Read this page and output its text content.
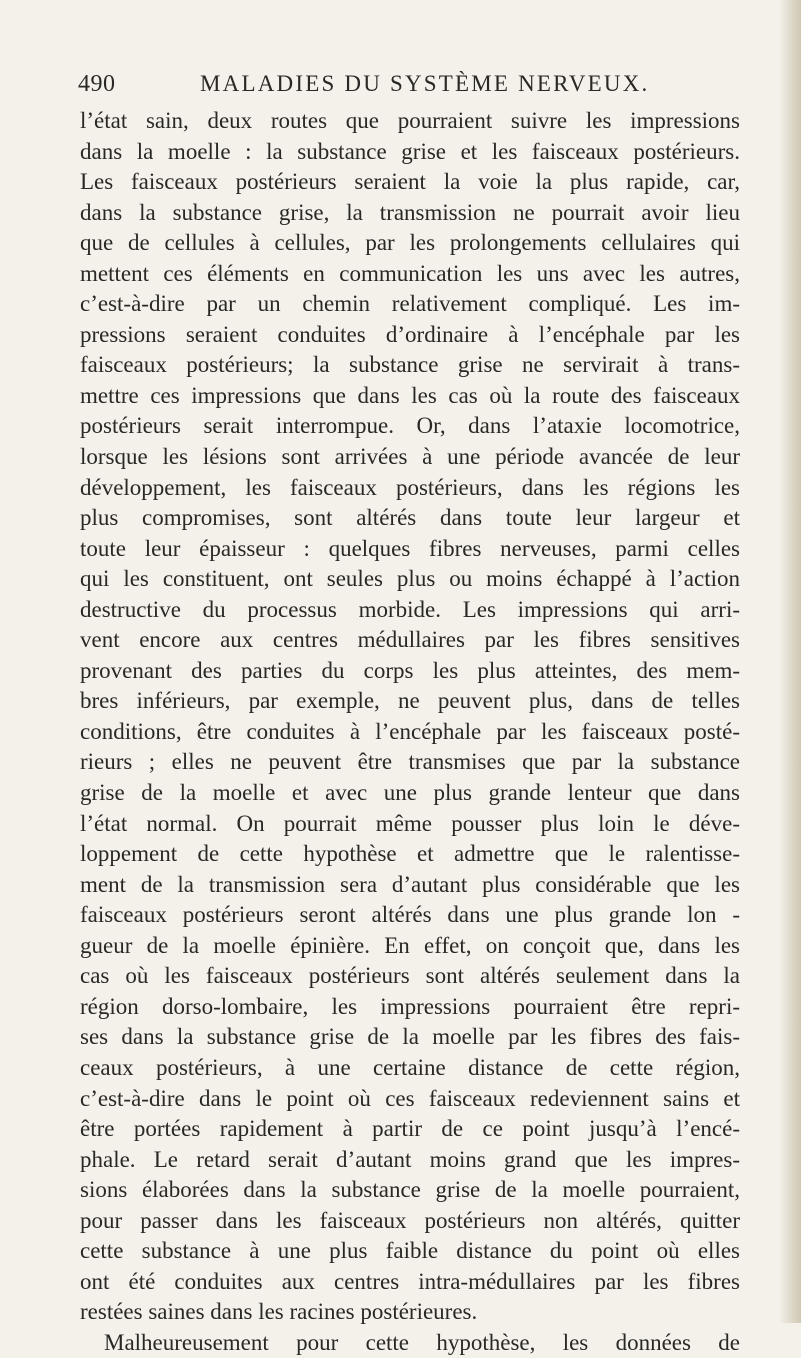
490	MALADIES DU SYSTÈME NERVEUX.
l’état sain, deux routes que pourraient suivre les impressions
dans la moelle : la substance grise et les faisceaux postérieurs.
Les faisceaux postérieurs seraient la voie la plus rapide, car,
dans la substance grise, la transmission ne pourrait avoir lieu
que de cellules à cellules, par les prolongements cellulaires qui
mettent ces éléments en communication les uns avec les autres,
c’est-à-dire par un chemin relativement compliqué. Les im-
pressions seraient conduites d’ordinaire à l’encéphale par les
faisceaux postérieurs; la substance grise ne servirait à trans-
mettre ces impressions que dans les cas où la route des faisceaux
postérieurs serait interrompue. Or, dans l’ataxie locomotrice,
lorsque les lésions sont arrivées à une période avancée de leur
développement, les faisceaux postérieurs, dans les régions les
plus compromises, sont altérés dans toute leur largeur et
toute leur épaisseur : quelques fibres nerveuses, parmi celles
qui les constituent, ont seules plus ou moins échappé à l’action
destructive du processus morbide. Les impressions qui arri-
vent encore aux centres médullaires par les fibres sensitives
provenant des parties du corps les plus atteintes, des mem-
bres inférieurs, par exemple, ne peuvent plus, dans de telles
conditions, être conduites à l’encéphale par les faisceaux posté-
rieurs ; elles ne peuvent être transmises que par la substance
grise de la moelle et avec une plus grande lenteur que dans
l’état normal. On pourrait même pousser plus loin le déve-
loppement de cette hypothèse et admettre que le ralentisse-
ment de la transmission sera d’autant plus considérable que les
faisceaux postérieurs seront altérés dans une plus grande lon -
gueur de la moelle épinière. En effet, on conçoit que, dans les
cas où les faisceaux postérieurs sont altérés seulement dans la
région dorso-lombaire, les impressions pourraient être repri-
ses dans la substance grise de la moelle par les fibres des fais-
ceaux postérieurs, à une certaine distance de cette région,
c’est-à-dire dans le point où ces faisceaux redeviennent sains et
être portées rapidement à partir de ce point jusqu’à l’encé-
phale. Le retard serait d’autant moins grand que les impres-
sions élaborées dans la substance grise de la moelle pourraient,
pour passer dans les faisceaux postérieurs non altérés, quitter
cette substance à une plus faible distance du point où elles
ont été conduites aux centres intra-médullaires par les fibres
restées saines dans les racines postérieures.
Malheureusement pour cette hypothèse, les données de
